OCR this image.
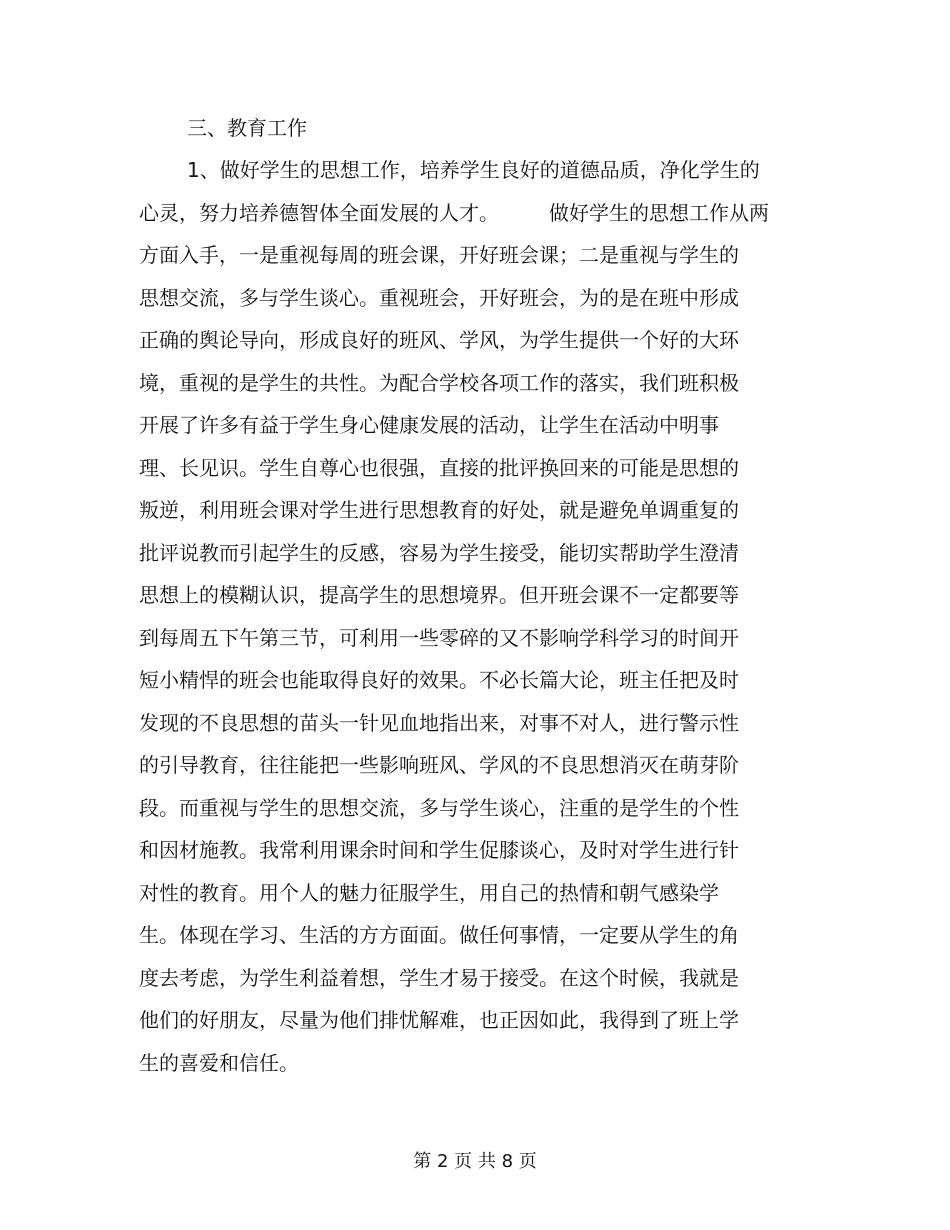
三、教育工作
1、做好学生的思想工作，培养学生良好的道德品质，净化学生的
心灵，努力培养德智体全面发展的人才。　　　做好学生的思想工作从两
方面入手，一是重视每周的班会课，开好班会课；二是重视与学生的
思想交流，多与学生谈心。重视班会，开好班会，为的是在班中形成
正确的舆论导向，形成良好的班风、学风，为学生提供一个好的大环
境，重视的是学生的共性。为配合学校各项工作的落实，我们班积极
开展了许多有益于学生身心健康发展的活动，让学生在活动中明事
理、长见识。学生自尊心也很强，直接的批评换回来的可能是思想的
叛逆，利用班会课对学生进行思想教育的好处，就是避免单调重复的
批评说教而引起学生的反感，容易为学生接受，能切实帮助学生澄清
思想上的模糊认识，提高学生的思想境界。但开班会课不一定都要等
到每周五下午第三节，可利用一些零碎的又不影响学科学习的时间开
短小精悍的班会也能取得良好的效果。不必长篇大论，班主任把及时
发现的不良思想的苗头一针见血地指出来，对事不对人，进行警示性
的引导教育，往往能把一些影响班风、学风的不良思想消灭在萌芽阶
段。而重视与学生的思想交流，多与学生谈心，注重的是学生的个性
和因材施教。我常利用课余时间和学生促膝谈心，及时对学生进行针
对性的教育。用个人的魅力征服学生，用自己的热情和朝气感染学
生。体现在学习、生活的方方面面。做任何事情，一定要从学生的角
度去考虑，为学生利益着想，学生才易于接受。在这个时候，我就是
他们的好朋友，尽量为他们排忧解难，也正因如此，我得到了班上学
生的喜爱和信任。
第 2 页 共 8 页
